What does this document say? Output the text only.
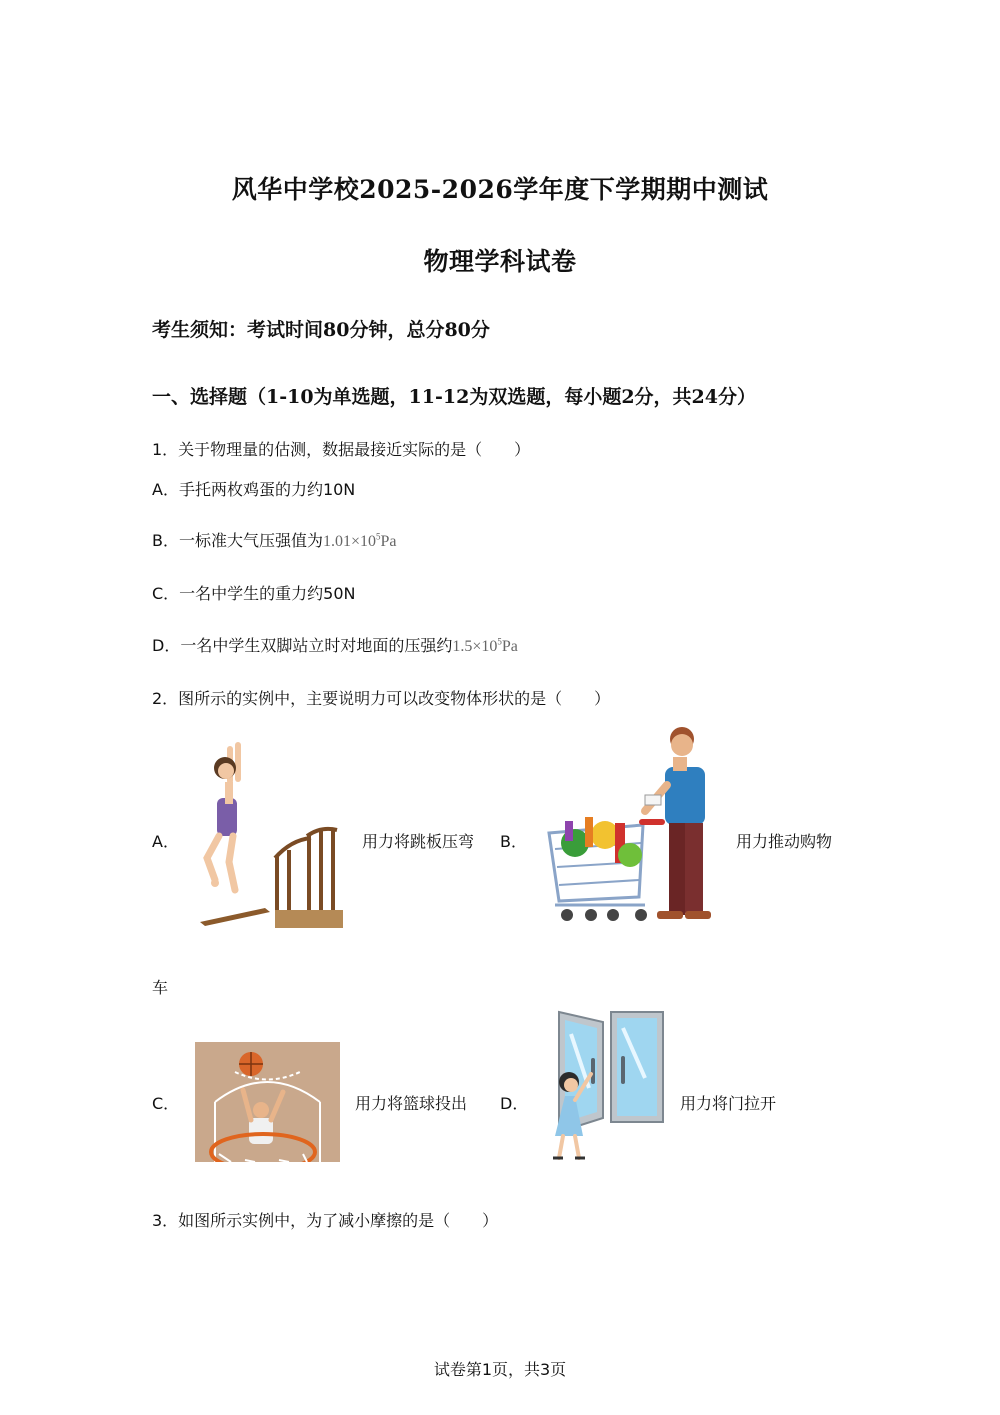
风华中学校2025-2026学年度下学期期中测试
物理学科试卷
考生须知：考试时间80分钟，总分80分
一、选择题（1-10为单选题，11-12为双选题，每小题2分，共24分）
1．关于物理量的估测，数据最接近实际的是（　　）
A．手托两枚鸡蛋的力约10N
B．一标准大气压强值为$1.01\times 10^5Pa$
C．一名中学生的重力约50N
D．一名中学生双脚站立时对地面的压强约$1.5\times 10^5Pa$
2．图所示的实例中，主要说明力可以改变物体形状的是（　　）
A．	用力将跳板压弯 B．	用力推动购物
车
C．	用力将篮球投出 D．	用力将门拉开
3．如图所示实例中，为了减小摩擦的是（　　）
试卷第1页，共3页
